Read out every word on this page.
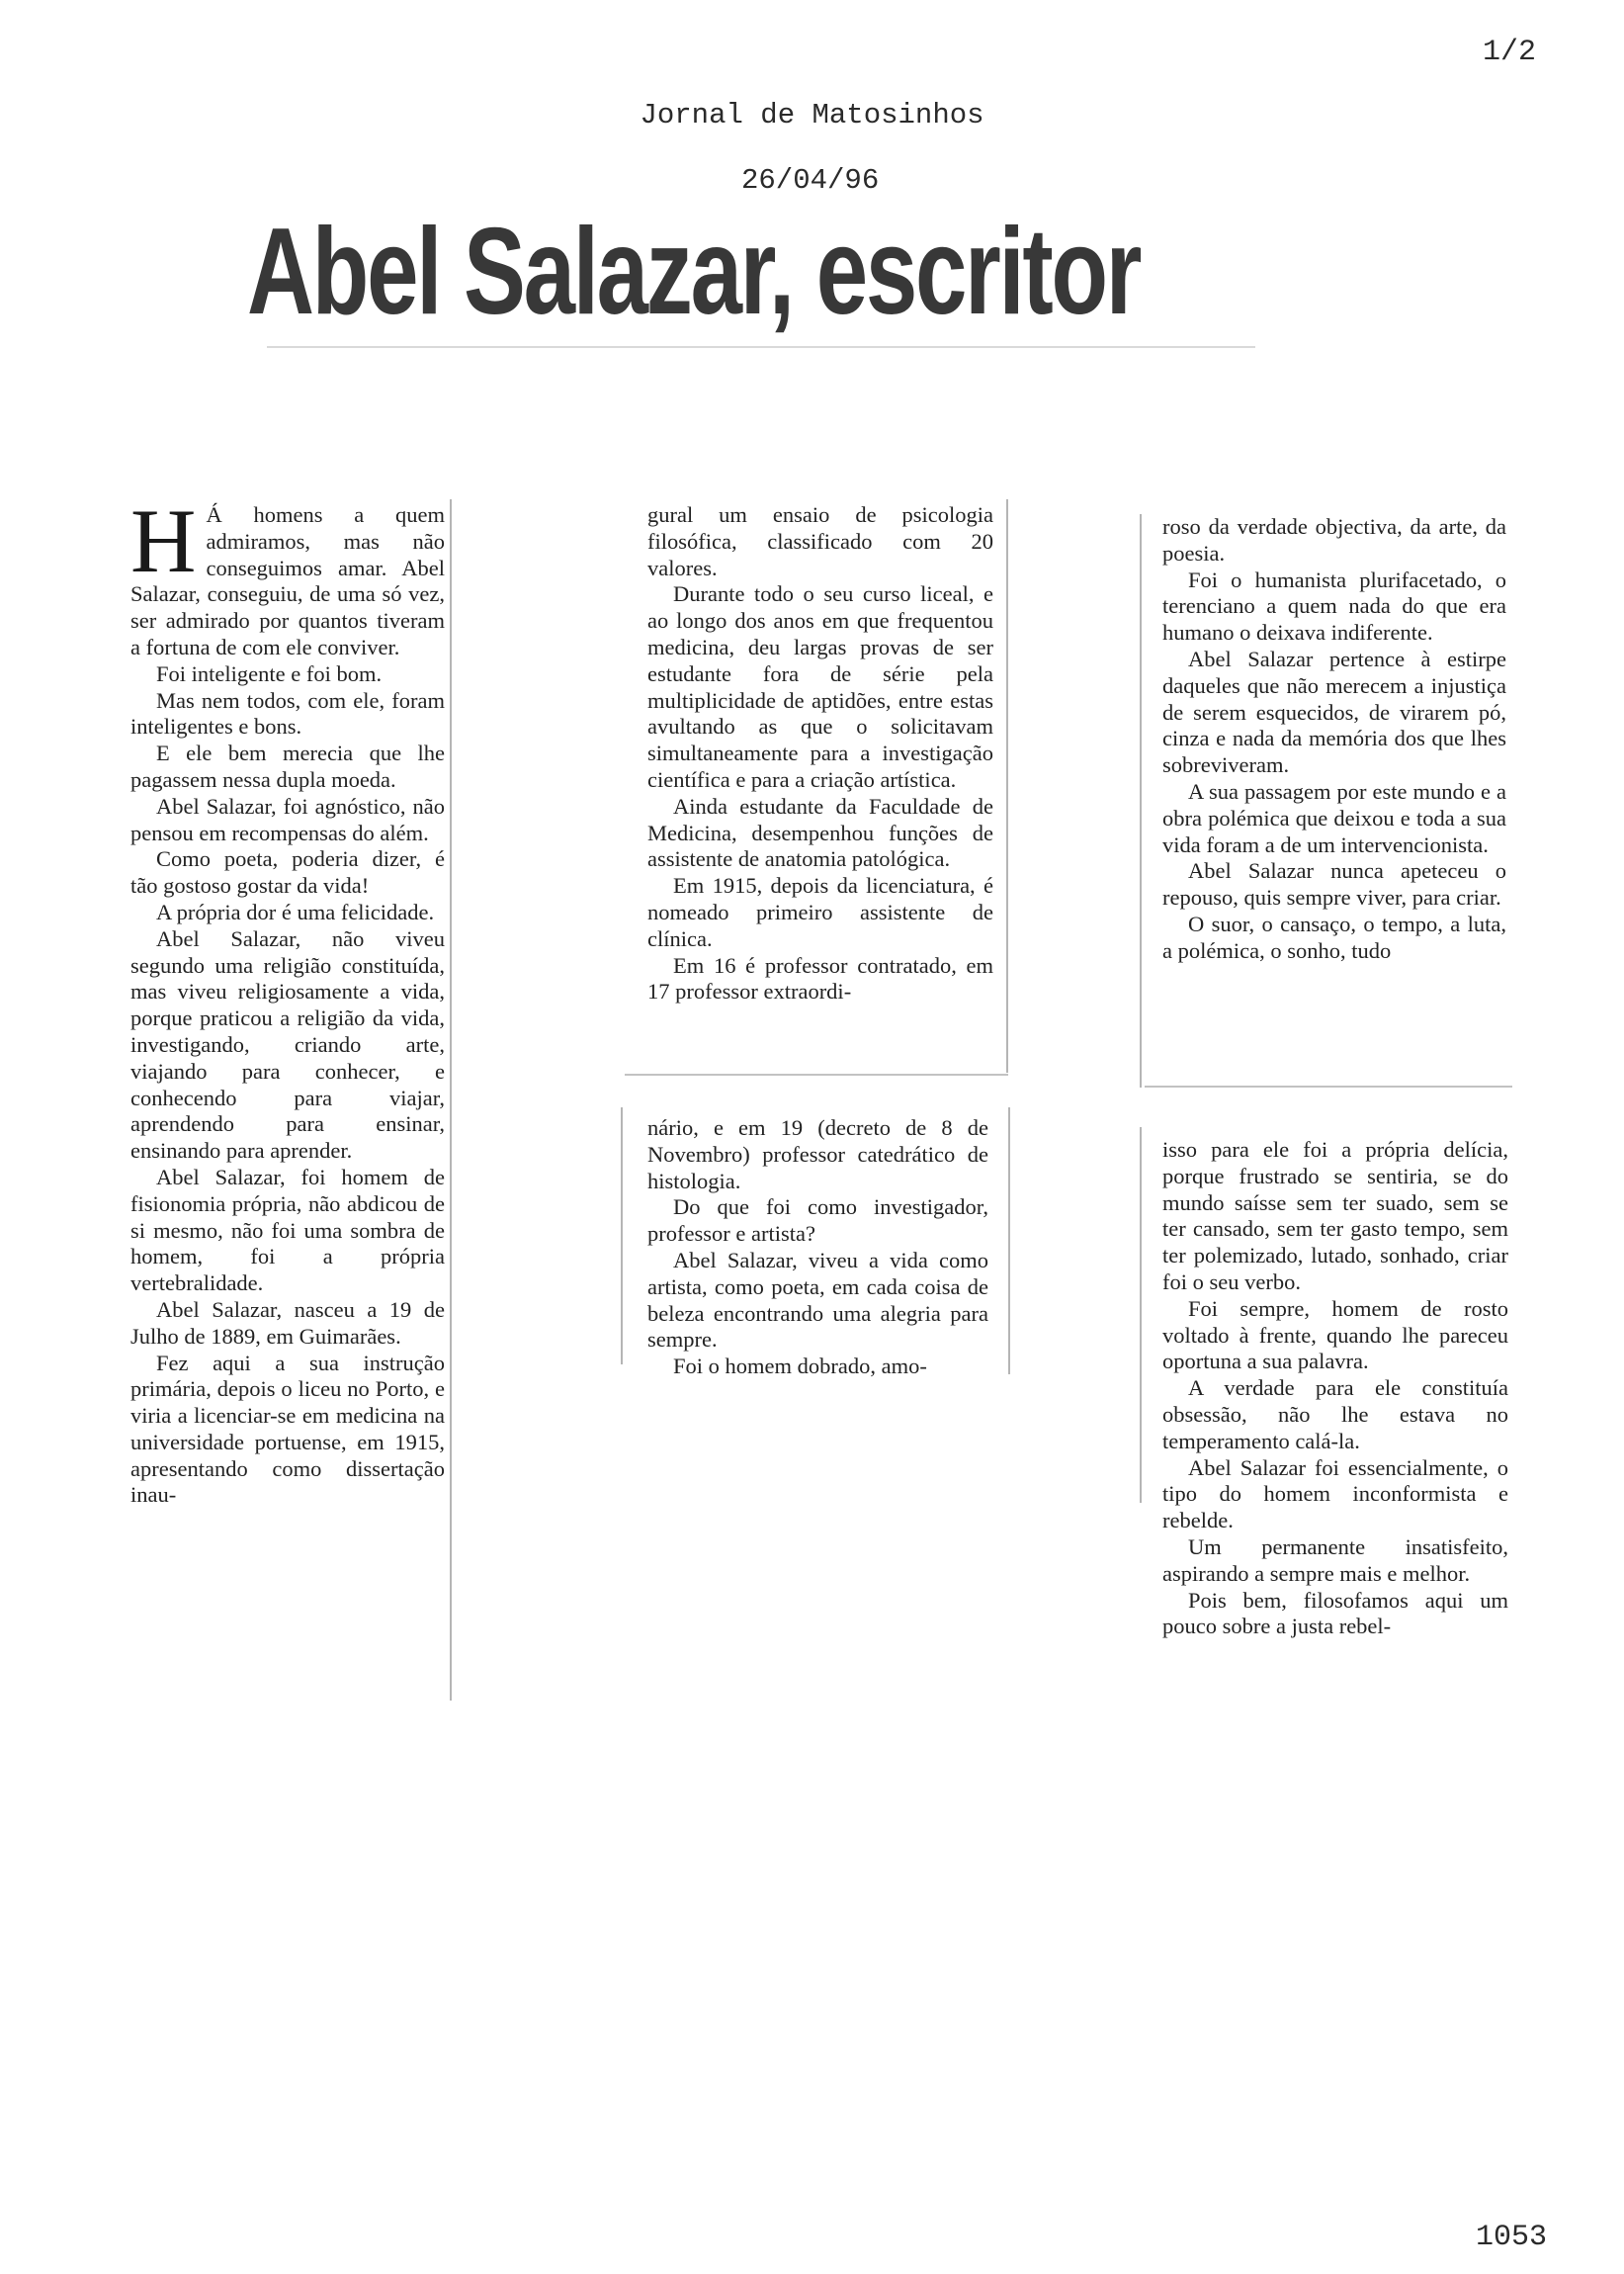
1/2
Jornal de Matosinhos
26/04/96
Abel Salazar, escritor

H Á homens a quem admiramos, mas não conseguimos amar. Abel Salazar, conseguiu, de uma só vez, ser admirado por quantos tiveram a fortuna de com ele conviver.

Foi inteligente e foi bom.

Mas nem todos, com ele, foram inteligentes e bons.

E ele bem merecia que lhe pagassem nessa dupla moeda.

Abel Salazar, foi agnóstico, não pensou em recompensas do além.

Como poeta, poderia dizer, é tão gostoso gostar da vida!

A própria dor é uma felicidade.

Abel Salazar, não viveu segundo uma religião constituída, mas viveu religiosamente a vida, porque praticou a religião da vida, investigando, criando arte, viajando para conhecer, e conhecendo para viajar, aprendendo para ensinar, ensinando para aprender.

Abel Salazar, foi homem de fisionomia própria, não abdicou de si mesmo, não foi uma sombra de homem, foi a própria vertebralidade.

Abel Salazar, nasceu a 19 de Julho de 1889, em Guimarães.

Fez aqui a sua instrução primária, depois o liceu no Porto, e viria a licenciar-se em medicina na universidade portuense, em 1915, apresentando como dissertação inau-

gural um ensaio de psicologia filosófica, classificado com 20 valores.

Durante todo o seu curso liceal, e ao longo dos anos em que frequentou medicina, deu largas provas de ser estudante fora de série pela multiplicidade de aptidões, entre estas avultando as que o solicitavam simultaneamente para a investigação científica e para a criação artística.

Ainda estudante da Faculdade de Medicina, desempenhou funções de assistente de anatomia patológica.

Em 1915, depois da licenciatura, é nomeado primeiro assistente de clínica.

Em 16 é professor contratado, em 17 professor extraordi-

nário, e em 19 (decreto de 8 de Novembro) professor catedrático de histologia.

Do que foi como investigador, professor e artista?

Abel Salazar, viveu a vida como artista, como poeta, em cada coisa de beleza encontrando uma alegria para sempre.

Foi o homem dobrado, amo-

roso da verdade objectiva, da arte, da poesia.

Foi o humanista plurifacetado, o terenciano a quem nada do que era humano o deixava indiferente.

Abel Salazar pertence à estirpe daqueles que não merecem a injustiça de serem esquecidos, de virarem pó, cinza e nada da memória dos que lhes sobreviveram.

A sua passagem por este mundo e a obra polémica que deixou e toda a sua vida foram a de um intervencionista.

Abel Salazar nunca apeteceu o repouso, quis sempre viver, para criar.

O suor, o cansaço, o tempo, a luta, a polémica, o sonho, tudo

isso para ele foi a própria delícia, porque frustrado se sentiria, se do mundo saísse sem ter suado, sem se ter cansado, sem ter gasto tempo, sem ter polemizado, lutado, sonhado, criar foi o seu verbo.

Foi sempre, homem de rosto voltado à frente, quando lhe pareceu oportuna a sua palavra.

A verdade para ele constituía obsessão, não lhe estava no temperamento calá-la.

Abel Salazar foi essencialmente, o tipo do homem inconformista e rebelde.

Um permanente insatisfeito, aspirando a sempre mais e melhor.

Pois bem, filosofamos aqui um pouco sobre a justa rebel-

1053
